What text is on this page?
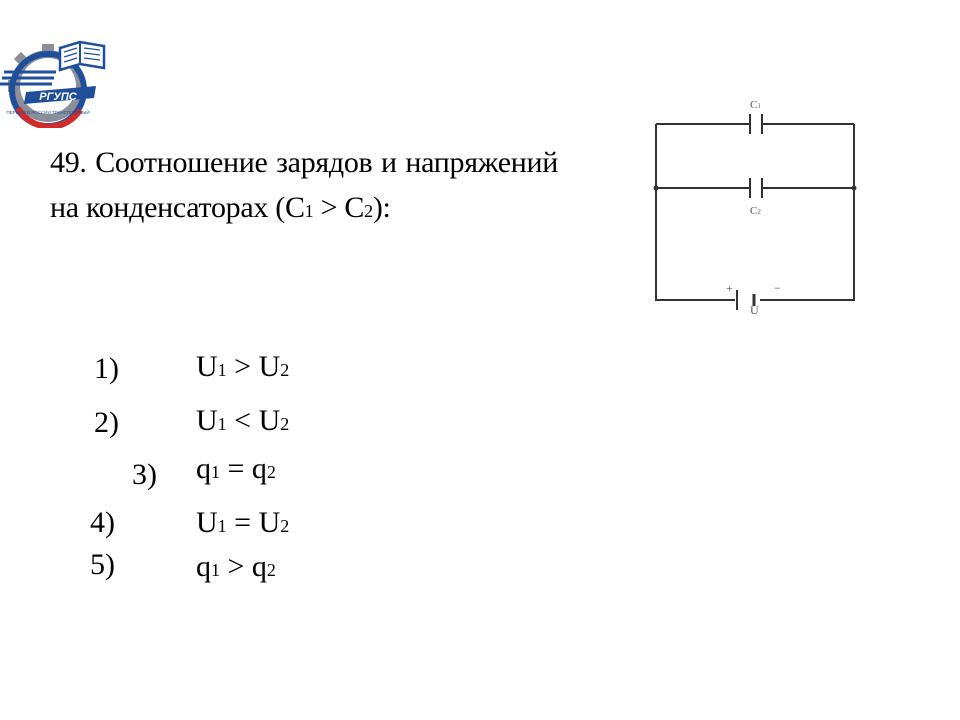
РГУПС
ПЕРВЫЙ В РОССИИ ТРАНСПОРТНЫЙ
49. Соотношение зарядов и напряжений на конденсаторах (C1 > C2):
C1
C2
+	−
U
1)	U1 > U2
2)	U1 < U2
3) q1 = q2
4)	U1 = U2
5)	q1 > q2
